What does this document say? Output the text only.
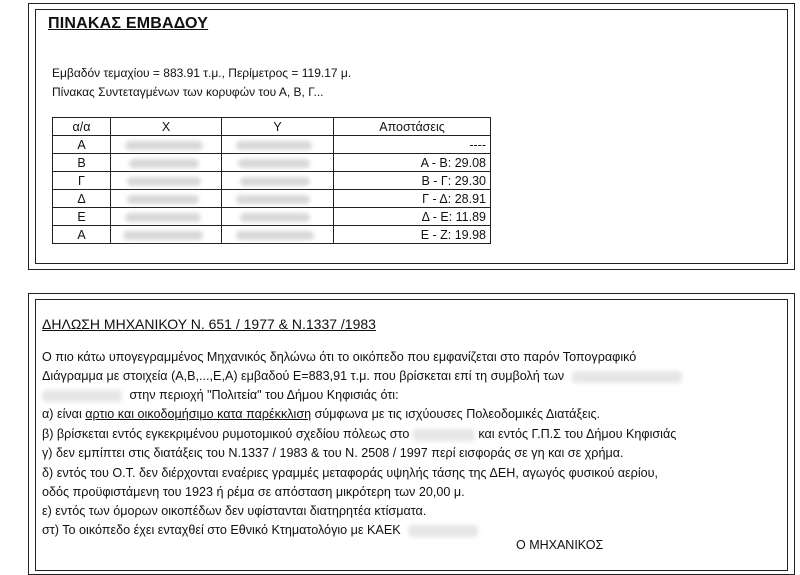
ΠΙΝΑΚΑΣ ΕΜΒΑΔΟΥ
Εμβαδόν τεμαχίου = 883.91 τ.μ., Περίμετρος = 119.17 μ.
Πίνακας Συντεταγμένων των κορυφών του Α, Β, Γ...
α/α	X	Y	Αποστάσεις
Α			----
Β			Α - Β: 29.08
Γ			Β - Γ: 29.30
Δ			Γ - Δ: 28.91
Ε			Δ - Ε: 11.89
Α			Ε - Ζ: 19.98
ΔΗΛΩΣΗ ΜΗΧΑΝΙΚΟΥ Ν. 651 / 1977 & Ν.1337 /1983
Ο πιο κάτω υπογεγραμμένος Μηχανικός δηλώνω ότι το οικόπεδο που εμφανίζεται στο παρόν Τοπογραφικό
Διάγραμμα με στοιχεία (Α,Β,...,Ε,Α) εμβαδού Ε=883,91 τ.μ. που βρίσκεται επί τη συμβολή των
στην περιοχή "Πολιτεία" του Δήμου Κηφισιάς ότι:
α) είναι αρτιο και οικοδομήσιμο κατα παρέκκλιση σύμφωνα με τις ισχύουσες Πολεοδομικές Διατάξεις.
β) βρίσκεται εντός εγκεκριμένου ρυμοτομικού σχεδίου πόλεως στο	και εντός Γ.Π.Σ του Δήμου Κηφισιάς
γ) δεν εμπίπτει στις διατάξεις του Ν.1337 / 1983 & του Ν. 2508 / 1997 περί εισφοράς σε γη και σε χρήμα.
δ) εντός του Ο.Τ. δεν διέρχονται εναέριες γραμμές μεταφοράς υψηλής τάσης της ΔΕΗ, αγωγός φυσικού αερίου,
οδός προϋφιστάμενη του 1923 ή ρέμα σε απόσταση μικρότερη των 20,00 μ.
ε) εντός των όμορων οικοπέδων δεν υφίστανται διατηρητέα κτίσματα.
στ) Το οικόπεδο έχει ενταχθεί στο Εθνικό Κτηματολόγιο με ΚΑΕΚ
Ο ΜΗΧΑΝΙΚΟΣ
